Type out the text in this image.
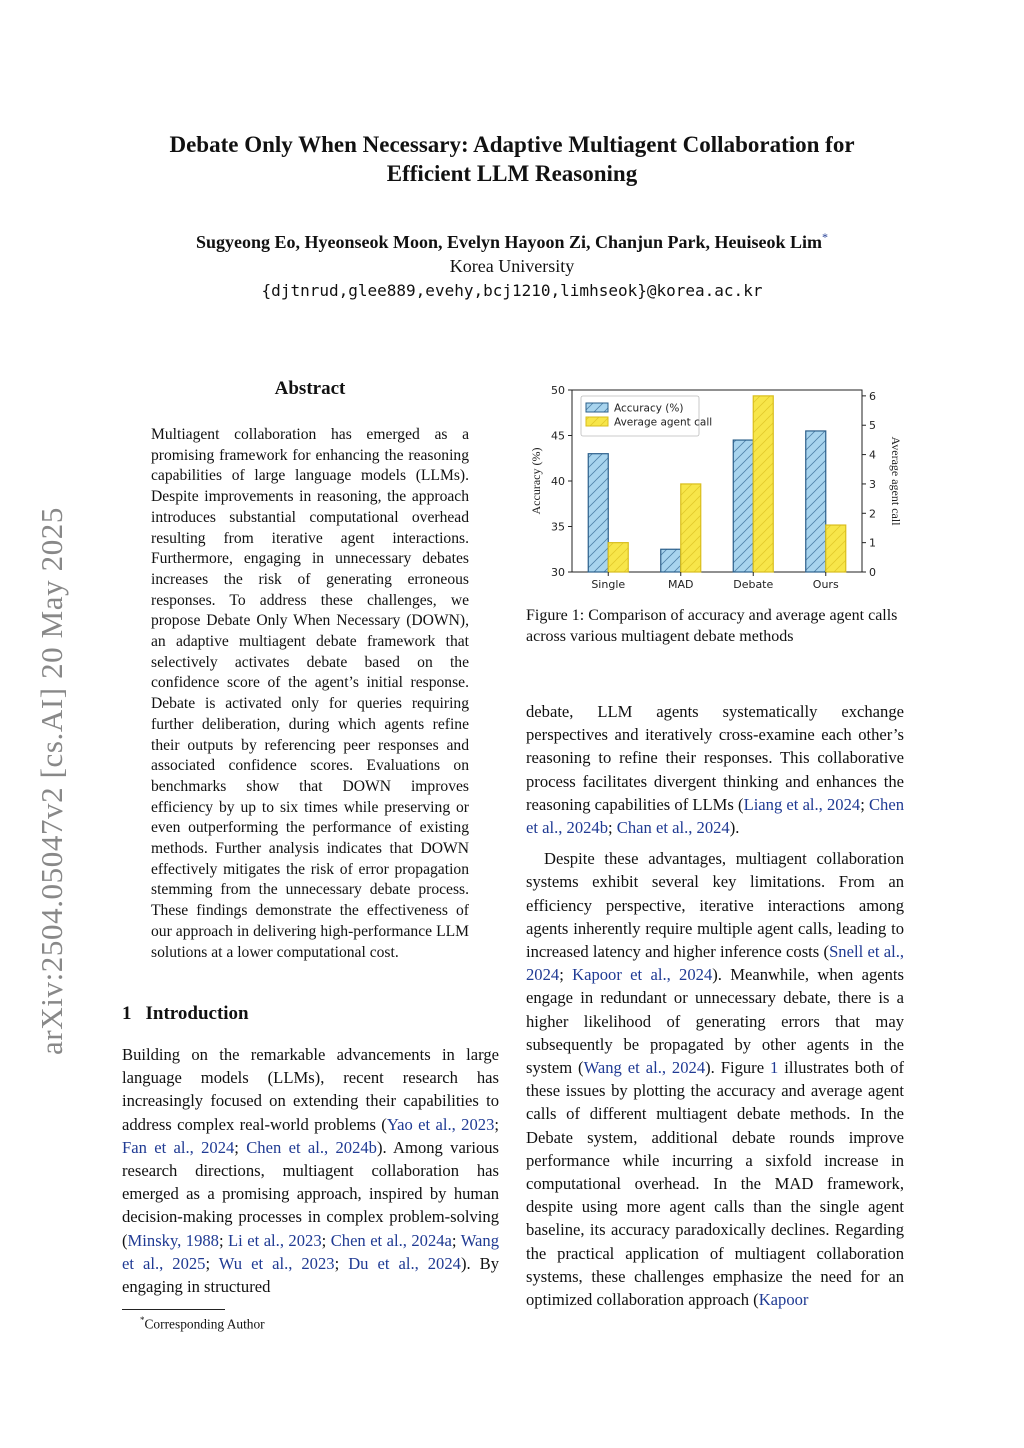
arXiv:2504.05047v2 [cs.AI] 20 May 2025
Debate Only When Necessary: Adaptive Multiagent Collaboration for
Efficient LLM Reasoning
Sugyeong Eo, Hyeonseok Moon, Evelyn Hayoon Zi, Chanjun Park, Heuiseok Lim*
Korea University
{djtnrud,glee889,evehy,bcj1210,limhseok}@korea.ac.kr
Abstract
Multiagent collaboration has emerged as a promising framework for enhancing the reasoning capabilities of large language models (LLMs). Despite improvements in reasoning, the approach introduces substantial computational overhead resulting from iterative agent interactions. Furthermore, engaging in unnecessary debates increases the risk of generating erroneous responses. To address these challenges, we propose Debate Only When Necessary (DOWN), an adaptive multiagent debate framework that selectively activates debate based on the confidence score of the agent’s initial response. Debate is activated only for queries requiring further deliberation, during which agents refine their outputs by referencing peer responses and associated confidence scores. Evaluations on benchmarks show that DOWN improves efficiency by up to six times while preserving or even outperforming the performance of existing methods. Further analysis indicates that DOWN effectively mitigates the risk of error propagation stemming from the unnecessary debate process. These findings demonstrate the effectiveness of our approach in delivering high-performance LLM solutions at a lower computational cost.
1 Introduction

Building on the remarkable advancements in large language models (LLMs), recent research has increasingly focused on extending their capabilities to address complex real-world problems (Yao et al., 2023; Fan et al., 2024; Chen et al., 2024b). Among various research directions, multiagent collaboration has emerged as a promising approach, inspired by human decision-making processes in complex problem-solving (Minsky, 1988; Li et al., 2023; Chen et al., 2024a; Wang et al., 2025; Wu et al., 2023; Du et al., 2024). By engaging in structured

*Corresponding Author
30
35
40
45
50
0
1
2
3
4
5
6
Single	MAD	Debate	Ours
Accuracy (%)	Average agent call
Accuracy (%)
Average agent call
Figure 1: Comparison of accuracy and average agent calls across various multiagent debate methods

debate, LLM agents systematically exchange perspectives and iteratively cross-examine each other’s reasoning to refine their responses. This collaborative process facilitates divergent thinking and enhances the reasoning capabilities of LLMs (Liang et al., 2024; Chen et al., 2024b; Chan et al., 2024).

Despite these advantages, multiagent collaboration systems exhibit several key limitations. From an efficiency perspective, iterative interactions among agents inherently require multiple agent calls, leading to increased latency and higher inference costs (Snell et al., 2024; Kapoor et al., 2024). Meanwhile, when agents engage in redundant or unnecessary debate, there is a higher likelihood of generating errors that may subsequently be propagated by other agents in the system (Wang et al., 2024). Figure 1 illustrates both of these issues by plotting the accuracy and average agent calls of different multiagent debate methods. In the Debate system, additional debate rounds improve performance while incurring a sixfold increase in computational overhead. In the MAD framework, despite using more agent calls than the single agent baseline, its accuracy paradoxically declines. Regarding the practical application of multiagent collaboration systems, these challenges emphasize the need for an optimized collaboration approach (Kapoor
